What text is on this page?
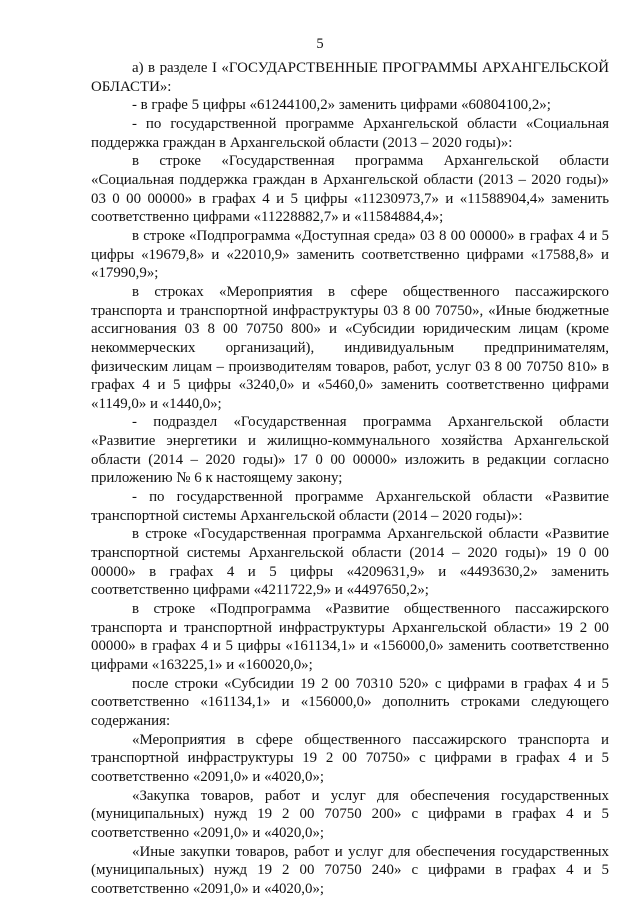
5

а) в разделе I «ГОСУДАРСТВЕННЫЕ ПРОГРАММЫ АРХАНГЕЛЬСКОЙ ОБЛАСТИ»:

- в графе 5 цифры «61244100,2» заменить цифрами «60804100,2»;

- по государственной программе Архангельской области «Социальная поддержка граждан в Архангельской области (2013 – 2020 годы)»:

в строке «Государственная программа Архангельской области «Социальная поддержка граждан в Архангельской области (2013 – 2020 годы)» 03 0 00 00000» в графах 4 и 5 цифры «11230973,7» и «11588904,4» заменить соответственно цифрами «11228882,7» и «11584884,4»;

в строке «Подпрограмма «Доступная среда» 03 8 00 00000» в графах 4 и 5 цифры «19679,8» и «22010,9» заменить соответственно цифрами «17588,8» и «17990,9»;

в строках «Мероприятия в сфере общественного пассажирского транспорта и транспортной инфраструктуры 03 8 00 70750», «Иные бюджетные ассигнования 03 8 00 70750 800» и «Субсидии юридическим лицам (кроме некоммерческих организаций), индивидуальным предпринимателям, физическим лицам – производителям товаров, работ, услуг 03 8 00 70750 810» в графах 4 и 5 цифры «3240,0» и «5460,0» заменить соответственно цифрами «1149,0» и «1440,0»;

- подраздел «Государственная программа Архангельской области «Развитие энергетики и жилищно-коммунального хозяйства Архангельской области (2014 – 2020 годы)» 17 0 00 00000» изложить в редакции согласно приложению № 6 к настоящему закону;

- по государственной программе Архангельской области «Развитие транспортной системы Архангельской области (2014 – 2020 годы)»:

в строке «Государственная программа Архангельской области «Развитие транспортной системы Архангельской области (2014 – 2020 годы)» 19 0 00 00000» в графах 4 и 5 цифры «4209631,9» и «4493630,2» заменить соответственно цифрами «4211722,9» и «4497650,2»;

в строке «Подпрограмма «Развитие общественного пассажирского транспорта и транспортной инфраструктуры Архангельской области» 19 2 00 00000» в графах 4 и 5 цифры «161134,1» и «156000,0» заменить соответственно цифрами «163225,1» и «160020,0»;

после строки «Субсидии 19 2 00 70310 520» с цифрами в графах 4 и 5 соответственно «161134,1» и «156000,0» дополнить строками следующего содержания:

«Мероприятия в сфере общественного пассажирского транспорта и транспортной инфраструктуры 19 2 00 70750» с цифрами в графах 4 и 5 соответственно «2091,0» и «4020,0»;

«Закупка товаров, работ и услуг для обеспечения государственных (муниципальных) нужд 19 2 00 70750 200» с цифрами в графах 4 и 5 соответственно «2091,0» и «4020,0»;

«Иные закупки товаров, работ и услуг для обеспечения государственных (муниципальных) нужд 19 2 00 70750 240» с цифрами в графах 4 и 5 соответственно «2091,0» и «4020,0»;
